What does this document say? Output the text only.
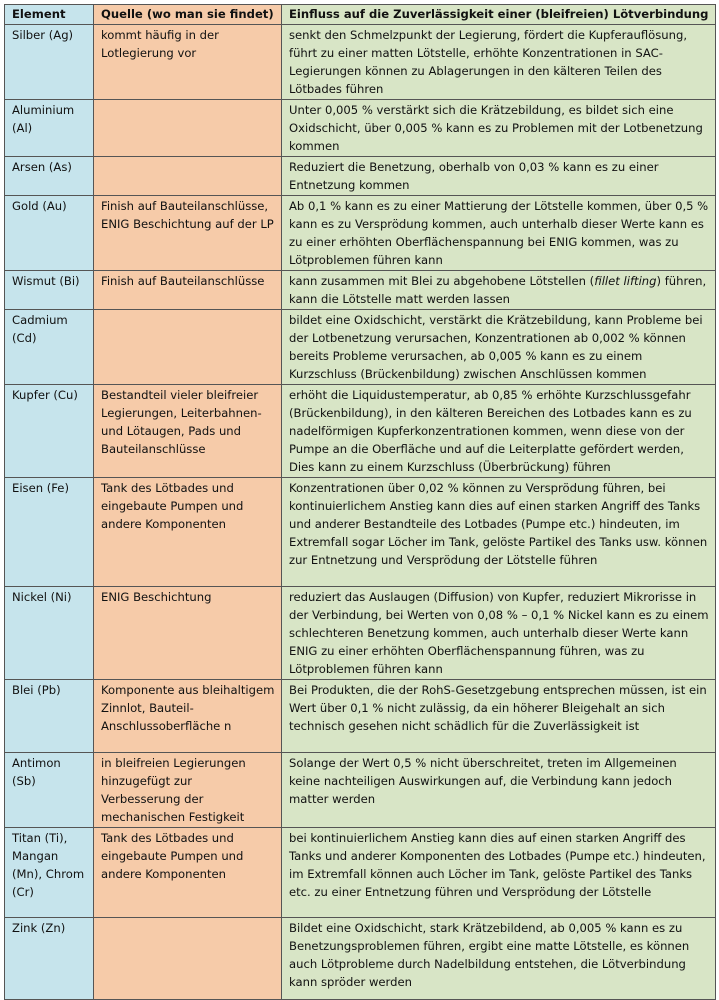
Element	Quelle (wo man sie findet)	Einfluss auf die Zuverlässigkeit einer (bleifreien) Lötverbindung
Silber (Ag)	kommt häufig in der Lotlegierung vor	senkt den Schmelzpunkt der Legierung, fördert die Kupferauflösung, führt zu einer matten Lötstelle, erhöhte Konzentrationen in SAC-Legierungen können zu Ablagerungen in den kälteren Teilen des Lötbades führen
Aluminium (Al)		Unter 0,005 % verstärkt sich die Krätzebildung, es bildet sich eine Oxidschicht, über 0,005 % kann es zu Problemen mit der Lotbenetzung kommen
Arsen (As)		Reduziert die Benetzung, oberhalb von 0,03 % kann es zu einer Entnetzung kommen
Gold (Au)	Finish auf Bauteilanschlüsse, ENIG Beschichtung auf der LP	Ab 0,1 % kann es zu einer Mattierung der Lötstelle kommen, über 0,5 % kann es zu Versprödung kommen, auch unterhalb dieser Werte kann es zu einer erhöhten Oberflächenspannung bei ENIG kommen, was zu Lötproblemen führen kann
Wismut (Bi)	Finish auf Bauteilanschlüsse	kann zusammen mit Blei zu abgehobene Lötstellen (fillet lifting) führen, kann die Lötstelle matt werden lassen
Cadmium (Cd)		bildet eine Oxidschicht, verstärkt die Krätzebildung, kann Probleme bei der Lotbenetzung verursachen, Konzentrationen ab 0,002 % können bereits Probleme verursachen, ab 0,005 % kann es zu einem Kurzschluss (Brückenbildung) zwischen Anschlüssen kommen
Kupfer (Cu)	Bestandteil vieler bleifreier Legierungen, Leiterbahnen- und Lötaugen, Pads und Bauteilanschlüsse	erhöht die Liquidustemperatur, ab 0,85 % erhöhte Kurzschlussgefahr (Brückenbildung), in den kälteren Bereichen des Lotbades kann es zu nadelförmigen Kupferkonzentrationen kommen, wenn diese von der Pumpe an die Oberfläche und auf die Leiterplatte gefördert werden, Dies kann zu einem Kurzschluss (Überbrückung) führen
Eisen (Fe)	Tank des Lötbades und eingebaute Pumpen und andere Komponenten	Konzentrationen über 0,02 % können zu Versprödung führen, bei kontinuierlichem Anstieg kann dies auf einen starken Angriff des Tanks und anderer Bestandteile des Lotbades (Pumpe etc.) hindeuten, im Extremfall sogar Löcher im Tank, gelöste Partikel des Tanks usw. können zur Entnetzung und Versprödung der Lötstelle führen
Nickel (Ni)	ENIG Beschichtung	reduziert das Auslaugen (Diffusion) von Kupfer, reduziert Mikrorisse in der Verbindung, bei Werten von 0,08 % – 0,1 % Nickel kann es zu einem schlechteren Benetzung kommen, auch unterhalb dieser Werte kann ENIG zu einer erhöhten Oberflächenspannung führen, was zu Lötproblemen führen kann
Blei (Pb)	Komponente aus bleihaltigem Zinnlot, Bauteil-Anschlussoberfläche n	Bei Produkten, die der RohS-Gesetzgebung entsprechen müssen, ist ein Wert über 0,1 % nicht zulässig, da ein höherer Bleigehalt an sich technisch gesehen nicht schädlich für die Zuverlässigkeit ist
Antimon (Sb)	in bleifreien Legierungen hinzugefügt zur Verbesserung der mechanischen Festigkeit	Solange der Wert 0,5 % nicht überschreitet, treten im Allgemeinen keine nachteiligen Auswirkungen auf, die Verbindung kann jedoch matter werden
Titan (Ti), Mangan (Mn), Chrom (Cr)	Tank des Lötbades und eingebaute Pumpen und andere Komponenten	bei kontinuierlichem Anstieg kann dies auf einen starken Angriff des Tanks und anderer Komponenten des Lotbades (Pumpe etc.) hindeuten, im Extremfall können auch Löcher im Tank, gelöste Partikel des Tanks etc. zu einer Entnetzung führen und Versprödung der Lötstelle
Zink (Zn)		Bildet eine Oxidschicht, stark Krätzebildend, ab 0,005 % kann es zu Benetzungsproblemen führen, ergibt eine matte Lötstelle, es können auch Lötprobleme durch Nadelbildung entstehen, die Lötverbindung kann spröder werden
